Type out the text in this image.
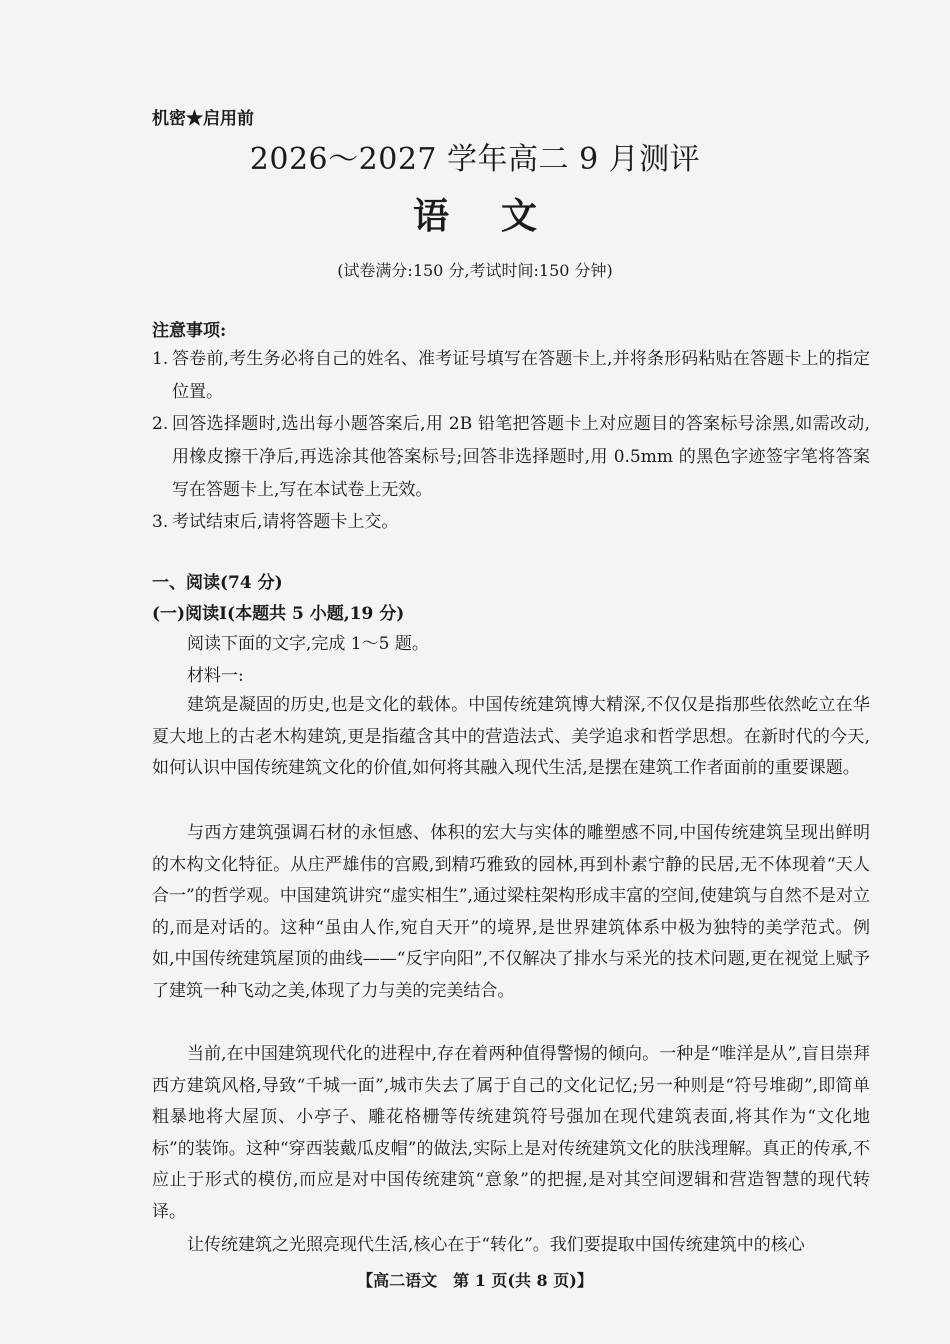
机密★启用前
2026～2027 学年高二 9 月测评
语文
(试卷满分:150 分,考试时间:150 分钟)
注意事项:
1. 答卷前,考生务必将自己的姓名、准考证号填写在答题卡上,并将条形码粘贴在答题卡上的指定位置。
2. 回答选择题时,选出每小题答案后,用 2B 铅笔把答题卡上对应题目的答案标号涂黑,如需改动,用橡皮擦干净后,再选涂其他答案标号;回答非选择题时,用 0.5mm 的黑色字迹签字笔将答案写在答题卡上,写在本试卷上无效。
3. 考试结束后,请将答题卡上交。
一、阅读(74 分)
(一)阅读Ⅰ(本题共 5 小题,19 分)
阅读下面的文字,完成 1～5 题。
材料一:
建筑是凝固的历史,也是文化的载体。中国传统建筑博大精深,不仅仅是指那些依然屹立在华夏大地上的古老木构建筑,更是指蕴含其中的营造法式、美学追求和哲学思想。在新时代的今天,如何认识中国传统建筑文化的价值,如何将其融入现代生活,是摆在建筑工作者面前的重要课题。
与西方建筑强调石材的永恒感、体积的宏大与实体的雕塑感不同,中国传统建筑呈现出鲜明的木构文化特征。从庄严雄伟的宫殿,到精巧雅致的园林,再到朴素宁静的民居,无不体现着“天人合一”的哲学观。中国建筑讲究“虚实相生”,通过梁柱架构形成丰富的空间,使建筑与自然不是对立的,而是对话的。这种“虽由人作,宛自天开”的境界,是世界建筑体系中极为独特的美学范式。例如,中国传统建筑屋顶的曲线——“反宇向阳”,不仅解决了排水与采光的技术问题,更在视觉上赋予了建筑一种飞动之美,体现了力与美的完美结合。
当前,在中国建筑现代化的进程中,存在着两种值得警惕的倾向。一种是“唯洋是从”,盲目崇拜西方建筑风格,导致“千城一面”,城市失去了属于自己的文化记忆;另一种则是“符号堆砌”,即简单粗暴地将大屋顶、小亭子、雕花格栅等传统建筑符号强加在现代建筑表面,将其作为“文化地标”的装饰。这种“穿西装戴瓜皮帽”的做法,实际上是对传统建筑文化的肤浅理解。真正的传承,不应止于形式的模仿,而应是对中国传统建筑“意象”的把握,是对其空间逻辑和营造智慧的现代转译。
让传统建筑之光照亮现代生活,核心在于“转化”。我们要提取中国传统建筑中的核心
【高二语文　第 1 页(共 8 页)】
